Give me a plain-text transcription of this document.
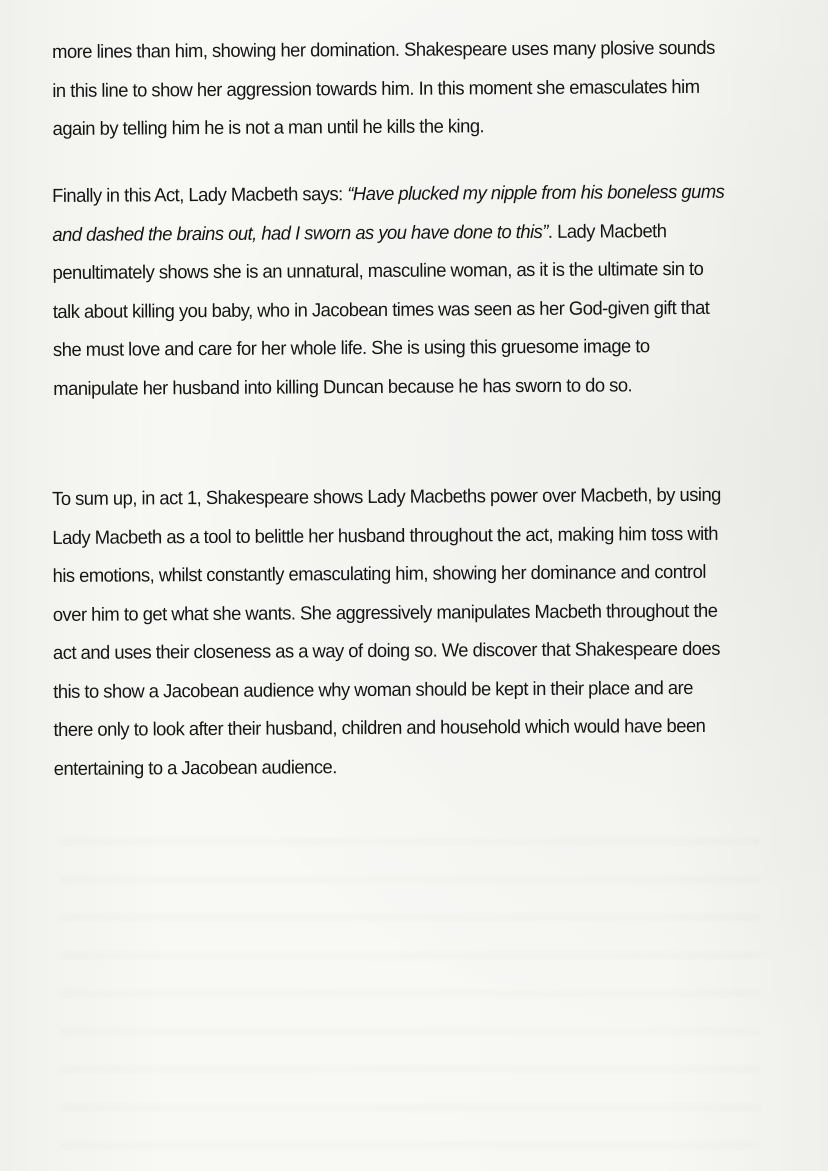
more lines than him, showing her domination. Shakespeare uses many plosive sounds in this line to show her aggression towards him. In this moment she emasculates him again by telling him he is not a man until he kills the king.

Finally in this Act, Lady Macbeth says: “Have plucked my nipple from his boneless gums and dashed the brains out, had I sworn as you have done to this”. Lady Macbeth penultimately shows she is an unnatural, masculine woman, as it is the ultimate sin to talk about killing you baby, who in Jacobean times was seen as her God-given gift that she must love and care for her whole life. She is using this gruesome image to manipulate her husband into killing Duncan because he has sworn to do so.

To sum up, in act 1, Shakespeare shows Lady Macbeths power over Macbeth, by using Lady Macbeth as a tool to belittle her husband throughout the act, making him toss with his emotions, whilst constantly emasculating him, showing her dominance and control over him to get what she wants. She aggressively manipulates Macbeth throughout the act and uses their closeness as a way of doing so. We discover that Shakespeare does this to show a Jacobean audience why woman should be kept in their place and are there only to look after their husband, children and household which would have been entertaining to a Jacobean audience.
